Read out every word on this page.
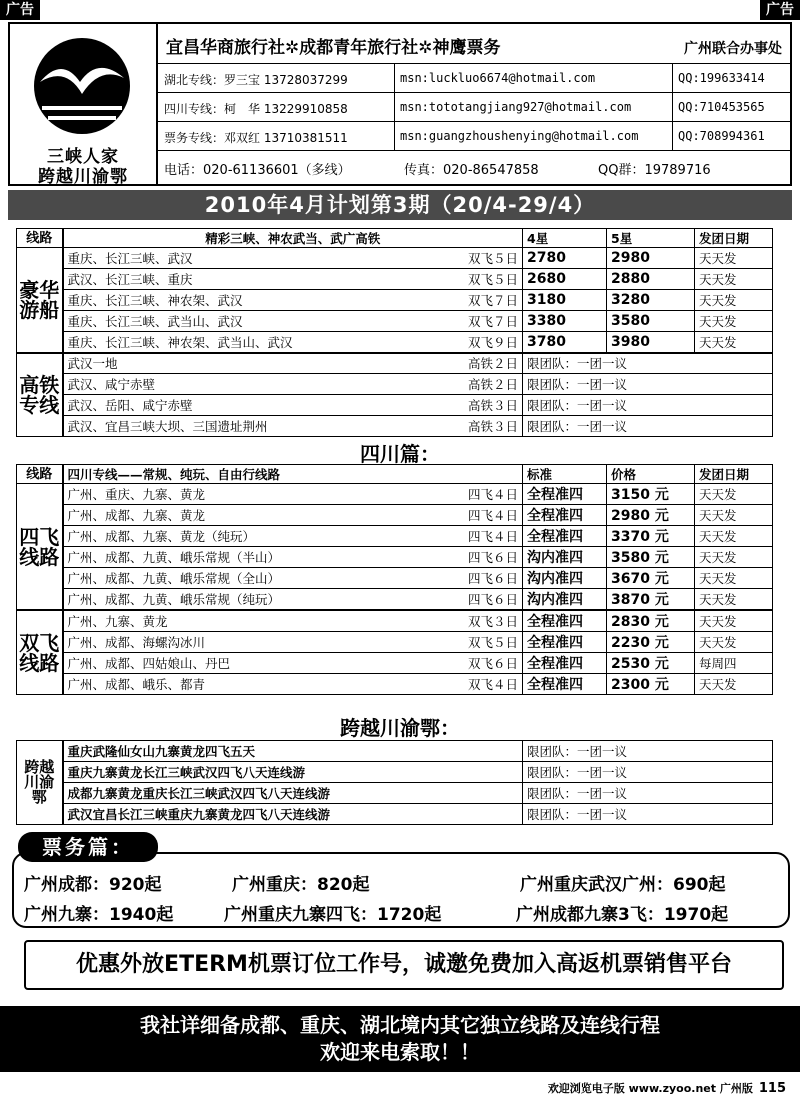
广告	广告
三峡人家
跨越川渝鄂
宜昌华商旅行社✲成都青年旅行社✲神鹰票务	广州联合办事处
湖北专线：罗三宝 13728037299	msn:luckluo6674@hotmail.com	QQ:199633414
四川专线：柯　华 13229910858	msn:tototangjiang927@hotmail.com	QQ:710453565
票务专线：邓双红 13710381511	msn:guangzhoushenying@hotmail.com	QQ:708994361
电话：020-61136601（多线）	传真：020-86547858	QQ群：19789716
2010年4月计划第3期（20/4-29/4）
线路	精彩三峡、神农武当、武广高铁	4星	5星	发团日期
豪华游船	重庆、长江三峡、武汉 双飞５日	2780	2980	天天发

	武汉、长江三峡、重庆 双飞５日	2680	2880	天天发

	重庆、长江三峡、神农架、武汉 双飞７日	3180	3280	天天发

	重庆、长江三峡、武当山、武汉 双飞７日	3380	3580	天天发

	重庆、长江三峡、神农架、武当山、武汉 双飞９日	3780	3980	天天发
高铁专线	武汉一地 高铁２日	限团队：一团一议		

	武汉、咸宁赤壁 高铁２日	限团队：一团一议		

	武汉、岳阳、咸宁赤壁 高铁３日	限团队：一团一议		

	武汉、宜昌三峡大坝、三国遗址荆州 高铁３日	限团队：一团一议		
四川篇：
线路	四川专线——常规、纯玩、自由行线路	标准	价格	发团日期
四飞线路	广州、重庆、九寨、黄龙 四飞４日	全程准四	3150 元	天天发

	广州、成都、九寨、黄龙 四飞４日	全程准四	2980 元	天天发

	广州、成都、九寨、黄龙（纯玩） 四飞４日	全程准四	3370 元	天天发

	广州、成都、九黄、峨乐常规（半山） 四飞６日	沟内准四	3580 元	天天发

	广州、成都、九黄、峨乐常规（全山） 四飞６日	沟内准四	3670 元	天天发

	广州、成都、九黄、峨乐常规（纯玩） 四飞６日	沟内准四	3870 元	天天发
双飞线路	广州、九寨、黄龙 双飞３日	全程准四	2830 元	天天发

	广州、成都、海螺沟冰川 双飞５日	全程准四	2230 元	天天发

	广州、成都、四姑娘山、丹巴 双飞６日	全程准四	2530 元	每周四

	广州、成都、峨乐、都青 双飞４日	全程准四	2300 元	天天发
跨越川渝鄂：
跨越川渝鄂	重庆武隆仙女山九寨黄龙四飞五天	限团队：一团一议
	重庆九寨黄龙长江三峡武汉四飞八天连线游	限团队：一团一议
	成都九寨黄龙重庆长江三峡武汉四飞八天连线游	限团队：一团一议
	武汉宜昌长江三峡重庆九寨黄龙四飞八天连线游	限团队：一团一议
广州成都：920起	广州重庆：820起	广州重庆武汉广州：690起
广州九寨：1940起	广州重庆九寨四飞：1720起	广州成都九寨3飞：1970起
票务篇：
优惠外放ETERM机票订位工作号，诚邀免费加入高返机票销售平台
我社详细备成都、重庆、湖北境内其它独立线路及连线行程
欢迎来电索取！！
欢迎浏览电子版 www.zyoo.net 广州版 115
